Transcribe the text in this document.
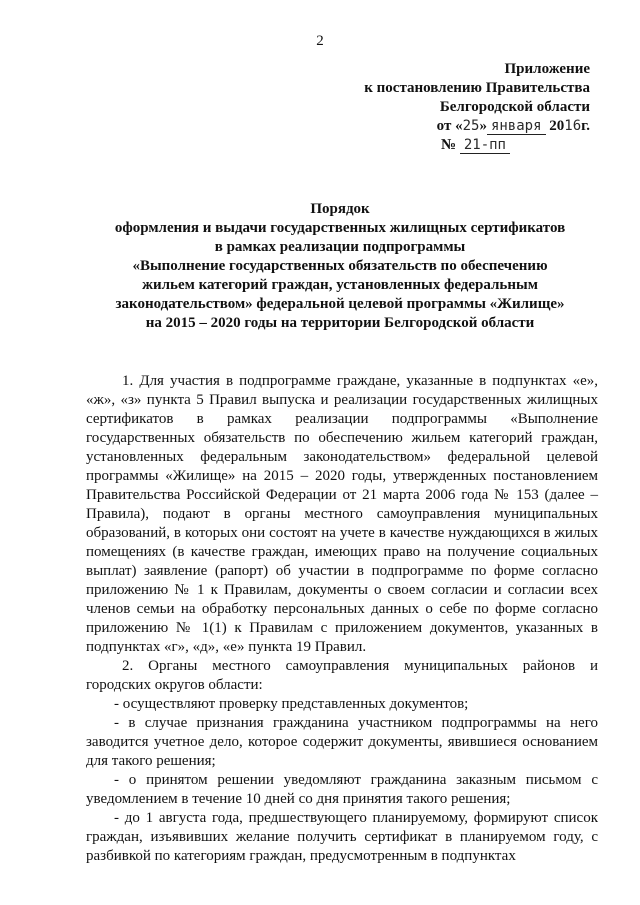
2
Приложение
к постановлению Правительства
Белгородской области
от «25» января 2016г.
№ 21-пп
Порядок
оформления и выдачи государственных жилищных сертификатов
в рамках реализации подпрограммы
«Выполнение государственных обязательств по обеспечению
жильем категорий граждан, установленных федеральным
законодательством» федеральной целевой программы «Жилище»
на 2015 – 2020 годы на территории Белгородской области

1. Для участия в подпрограмме граждане, указанные в подпунктах «е», «ж», «з» пункта 5 Правил выпуска и реализации государственных жилищных сертификатов в рамках реализации подпрограммы «Выполнение государственных обязательств по обеспечению жильем категорий граждан, установленных федеральным законодательством» федеральной целевой программы «Жилище» на 2015 – 2020 годы, утвержденных постановлением Правительства Российской Федерации от 21 марта 2006 года № 153 (далее – Правила), подают в органы местного самоуправления муниципальных образований, в которых они состоят на учете в качестве нуждающихся в жилых помещениях (в качестве граждан, имеющих право на получение социальных выплат) заявление (рапорт) об участии в подпрограмме по форме согласно приложению № 1 к Правилам, документы о своем согласии и согласии всех членов семьи на обработку персональных данных о себе по форме согласно приложению № 1(1) к Правилам с приложением документов, указанных в подпунктах «г», «д», «е» пункта 19 Правил.

2. Органы местного самоуправления муниципальных районов и городских округов области:

- осуществляют проверку представленных документов;

- в случае признания гражданина участником подпрограммы на него заводится учетное дело, которое содержит документы, явившиеся основанием для такого решения;

- о принятом решении уведомляют гражданина заказным письмом с уведомлением в течение 10 дней со дня принятия такого решения;

- до 1 августа года, предшествующего планируемому, формируют список граждан, изъявивших желание получить сертификат в планируемом году, с разбивкой по категориям граждан, предусмотренным в подпунктах
